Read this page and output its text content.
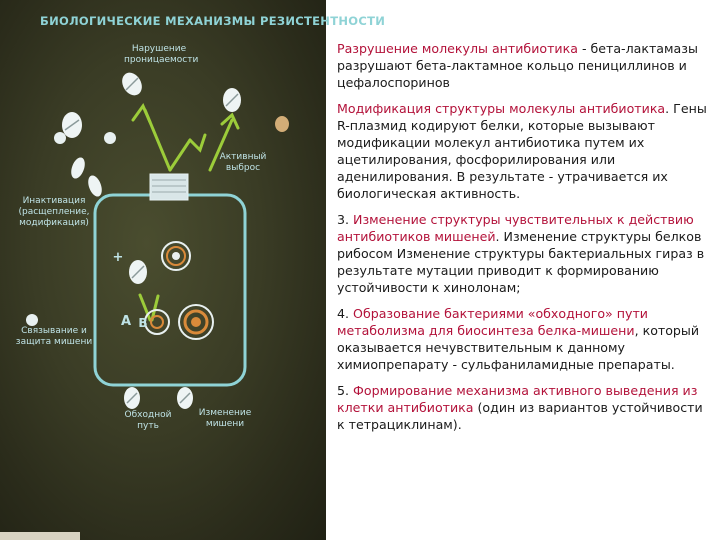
БИОЛОГИЧЕСКИЕ МЕХАНИЗМЫ РЕЗИСТЕНТНОСТИ
Нарушение
проницаемости
Активный
выброс
Инактивация
(расщепление,
модификация)
Связывание и
защита мишени
Обходной
путь
Изменение
мишени
A B
+

Разрушение молекулы антибиотика - бета-лактамазы разрушают бета-лактамное кольцо пенициллинов и цефалоспоринов

Модификация структуры молекулы антибиотика. Гены R-плазмид кодируют белки, которые вызывают модификации молекул антибиотика путем их ацетилирования, фосфорилирования или аденилирования. В результате - утрачивается их биологическая активность.

3. Изменение структуры чувствительных к действию антибиотиков мишеней. Изменение структуры белков рибосом Изменение структуры бактериальных гираз в результате мутации приводит к формированию устойчивости к хинолонам;

4. Образование бактериями «обходного» пути метаболизма для биосинтеза белка-мишени, который оказывается нечувствительным к данному химиопрепарату - сульфаниламидные препараты.

5. Формирование механизма активного выведения из клетки антибиотика (один из вариантов устойчивости к тетрациклинам).
